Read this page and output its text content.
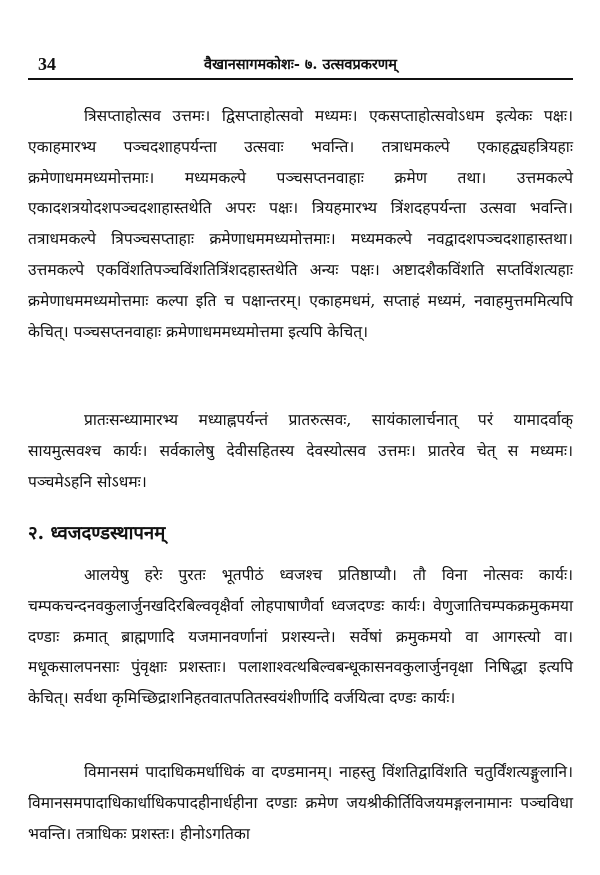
34	वैखानसागमकोशः- ७. उत्सवप्रकरणम्

त्रिसप्ताहोत्सव उत्तमः। द्विसप्ताहोत्सवो मध्यमः। एकसप्ताहोत्सवोऽधम इत्येकः पक्षः। एकाहमारभ्य पञ्चदशाहपर्यन्ता उत्सवाः भवन्ति। तत्राधमकल्पे एकाहद्व्यहत्रियहाः क्रमेणाधममध्यमोत्तमाः। मध्यमकल्पे पञ्चसप्तनवाहाः क्रमेण तथा। उत्तमकल्पे एकादशत्रयोदशपञ्चदशाहास्तथेति अपरः पक्षः। त्रियहमारभ्य त्रिंशदहपर्यन्ता उत्सवा भवन्ति। तत्राधमकल्पे त्रिपञ्चसप्ताहाः क्रमेणाधममध्यमोत्तमाः। मध्यमकल्पे नवद्वादशपञ्चदशाहास्तथा। उत्तमकल्पे एकविंशतिपञ्चविंशतित्रिंशदहास्तथेति अन्यः पक्षः। अष्टादशैकविंशति सप्तविंशत्यहाः क्रमेणाधममध्यमोत्तमाः कल्पा इति च पक्षान्तरम्। एकाहमधमं, सप्ताहं मध्यमं, नवाहमुत्तममित्यपि केचित्। पञ्चसप्तनवाहाः क्रमेणाधममध्यमोत्तमा इत्यपि केचित्।

प्रातःसन्ध्यामारभ्य मध्याह्नपर्यन्तं प्रातरुत्सवः, सायंकालार्चनात् परं यामादर्वाक् सायमुत्सवश्च कार्यः। सर्वकालेषु देवीसहितस्य देवस्योत्सव उत्तमः। प्रातरेव चेत् स मध्यमः। पञ्चमेऽहनि सोऽधमः।

२. ध्वजदण्डस्थापनम्

आलयेषु हरेः पुरतः भूतपीठं ध्वजश्च प्रतिष्ठाप्यौ। तौ विना नोत्सवः कार्यः। चम्पकचन्दनवकुलार्जुनखदिरबिल्ववृक्षैर्वा लोहपाषाणैर्वा ध्वजदण्डः कार्यः। वेणुजातिचम्पकक्रमुकमया दण्डाः क्रमात् ब्राह्मणादि यजमानवर्णानां प्रशस्यन्ते। सर्वेषां क्रमुकमयो वा आगस्त्यो वा। मधूकसालपनसाः पुंवृक्षाः प्रशस्ताः। पलाशाश्वत्थबिल्वबन्धूकासनवकुलार्जुनवृक्षा निषिद्धा इत्यपि केचित्। सर्वथा कृमिच्छिद्राशनिहतवातपतितस्वयंशीर्णादि वर्जयित्वा दण्डः कार्यः।

विमानसमं पादाधिकमर्धाधिकं वा दण्डमानम्। नाहस्तु विंशतिद्वाविंशति चतुर्विंशत्यङ्गुलानि। विमानसमपादाधिकार्धाधिकपादहीनार्धहीना दण्डाः क्रमेण जयश्रीकीर्तिविजयमङ्गलनामानः पञ्चविधा भवन्ति। तत्राधिकः प्रशस्तः। हीनोऽगतिका
